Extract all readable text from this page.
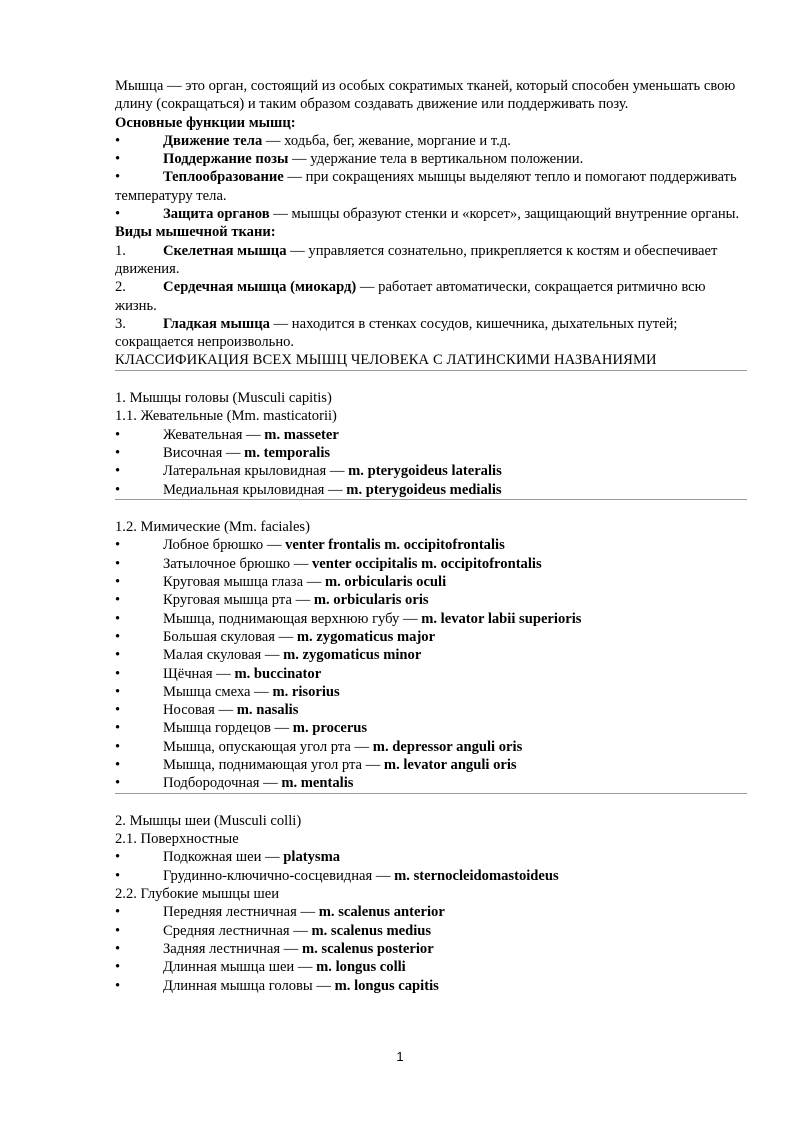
Мышца — это орган, состоящий из особых сократимых тканей, который способен уменьшать свою длину (сокращаться) и таким образом создавать движение или поддерживать позу.

Основные функции мышц:

•	Движение тела — ходьба, бег, жевание, моргание и т.д.
•	Поддержание позы — удержание тела в вертикальном положении.
•	Теплообразование — при сокращениях мышцы выделяют тепло и помогают поддерживать температуру тела.
•	Защита органов — мышцы образуют стенки и «корсет», защищающий внутренние органы.

Виды мышечной ткани:

1.	Скелетная мышца — управляется сознательно, прикрепляется к костям и обеспечивает движения.
2.	Сердечная мышца (миокард) — работает автоматически, сокращается ритмично всю жизнь.
3.	Гладкая мышца — находится в стенках сосудов, кишечника, дыхательных путей; сокращается непроизвольно.

КЛАССИФИКАЦИЯ ВСЕХ МЫШЦ ЧЕЛОВЕКА С ЛАТИНСКИМИ НАЗВАНИЯМИ

1. Мышцы головы (Musculi capitis)

1.1. Жевательные (Mm. masticatorii)

•	Жевательная — m. masseter
•	Височная — m. temporalis
•	Латеральная крыловидная — m. pterygoideus lateralis
•	Медиальная крыловидная — m. pterygoideus medialis

1.2. Мимические (Mm. faciales)

•	Лобное брюшко — venter frontalis m. occipitofrontalis
•	Затылочное брюшко — venter occipitalis m. occipitofrontalis
•	Круговая мышца глаза — m. orbicularis oculi
•	Круговая мышца рта — m. orbicularis oris
•	Мышца, поднимающая верхнюю губу — m. levator labii superioris
•	Большая скуловая — m. zygomaticus major
•	Малая скуловая — m. zygomaticus minor
•	Щёчная — m. buccinator
•	Мышца смеха — m. risorius
•	Носовая — m. nasalis
•	Мышца гордецов — m. procerus
•	Мышца, опускающая угол рта — m. depressor anguli oris
•	Мышца, поднимающая угол рта — m. levator anguli oris
•	Подбородочная — m. mentalis

2. Мышцы шеи (Musculi colli)

2.1. Поверхностные

•	Подкожная шеи — platysma
•	Грудинно-ключично-сосцевидная — m. sternocleidomastoideus

2.2. Глубокие мышцы шеи

•	Передняя лестничная — m. scalenus anterior
•	Средняя лестничная — m. scalenus medius
•	Задняя лестничная — m. scalenus posterior
•	Длинная мышца шеи — m. longus colli
•	Длинная мышца головы — m. longus capitis
1
